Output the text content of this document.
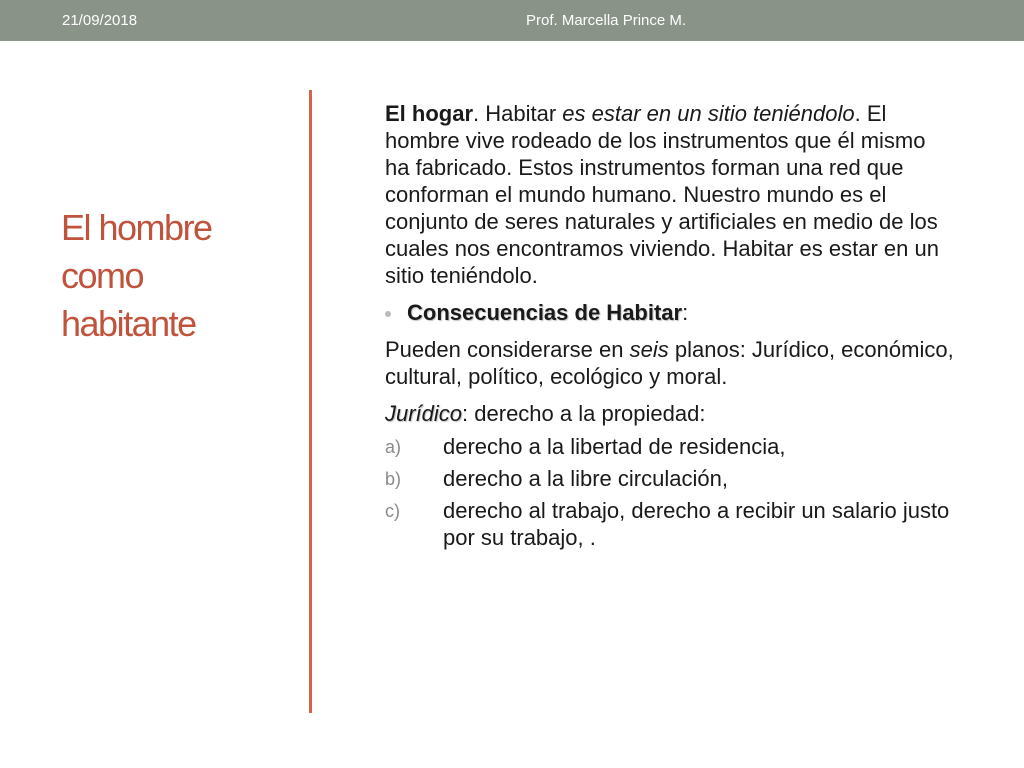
21/09/2018	Prof. Marcella Prince M.
El hombre como habitante

El hogar. Habitar es estar en un sitio teniéndolo. El hombre vive rodeado de los instrumentos que él mismo ha fabricado. Estos instrumentos forman una red que conforman el mundo humano. Nuestro mundo es el conjunto de seres naturales y artificiales en medio de los cuales nos encontramos viviendo. Habitar es estar en un sitio teniéndolo.

Consecuencias de Habitar:

Pueden considerarse en seis planos: Jurídico, económico, cultural, político, ecológico y moral.

Jurídico: derecho a la propiedad:

a) derecho a la libertad de residencia,
b) derecho a la libre circulación,
c) derecho al trabajo, derecho a recibir un salario justo por su trabajo, .
